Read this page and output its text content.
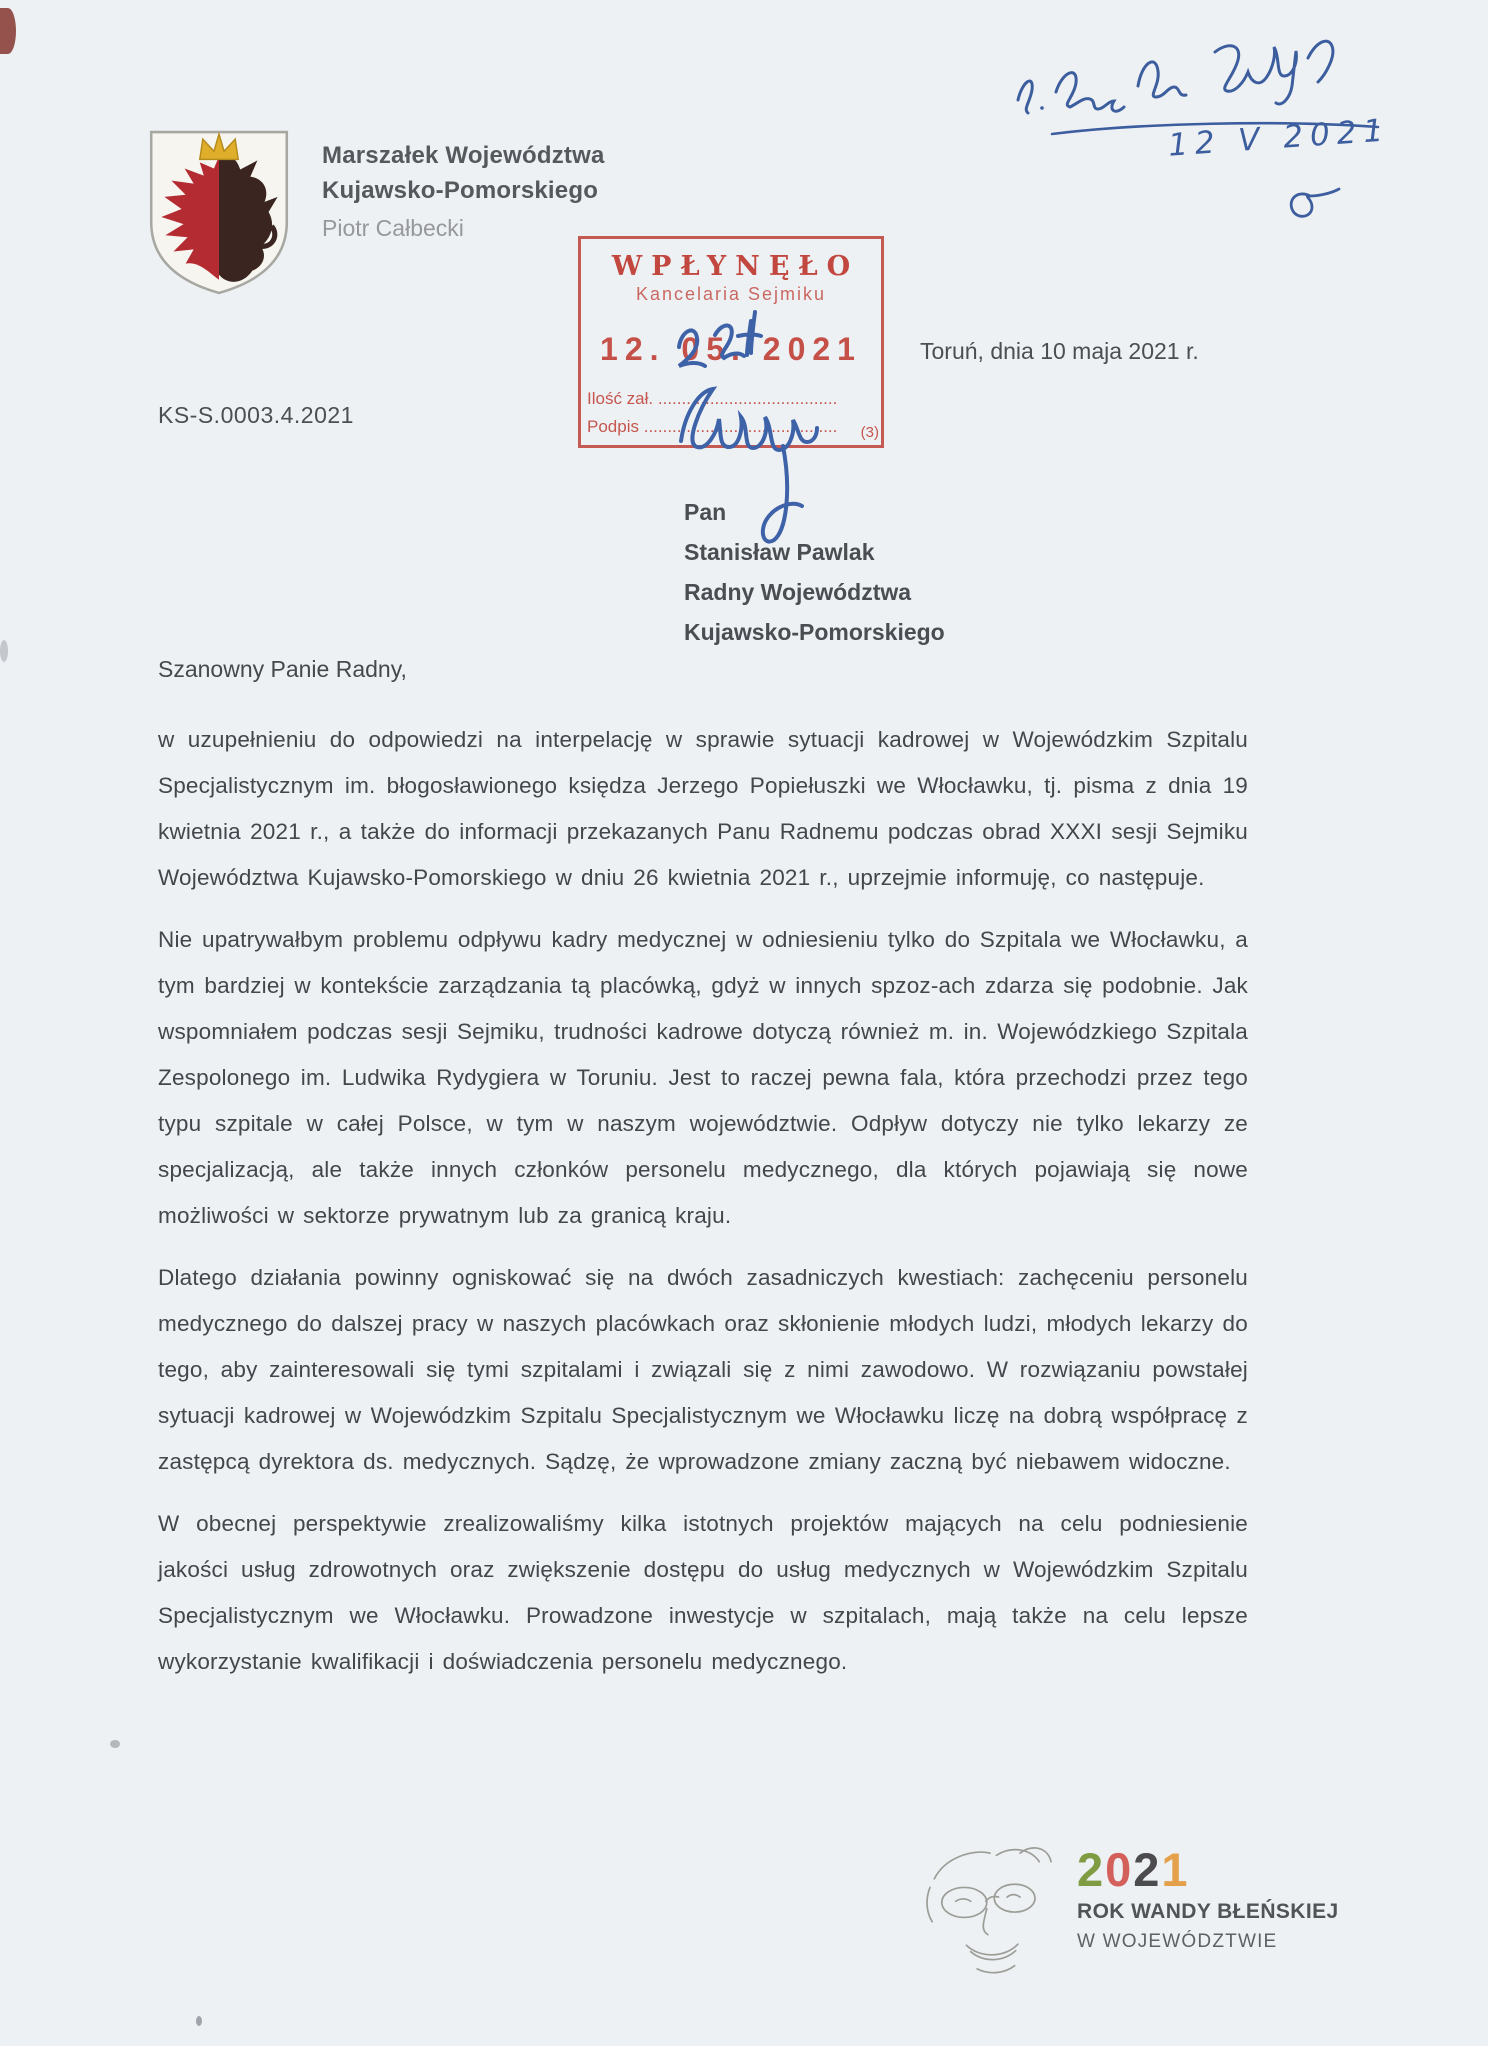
Marszałek Województwa
Kujawsko-Pomorskiego
Piotr Całbecki
12 V 2021
WPŁYNĘŁO
Kancelaria Sejmiku
12. 05. 2021
Ilość zał. ......................................
Podpis ......................................... (3)
Toruń, dnia 10 maja 2021 r.
KS-S.0003.4.2021
Pan
Stanisław Pawlak
Radny Województwa
Kujawsko-Pomorskiego

Szanowny Panie Radny,

w uzupełnieniu do odpowiedzi na interpelację w sprawie sytuacji kadrowej w Wojewódzkim Szpitalu Specjalistycznym im. błogosławionego księdza Jerzego Popiełuszki we Włocławku, tj. pisma z dnia 19 kwietnia 2021 r., a także do informacji przekazanych Panu Radnemu podczas obrad XXXI sesji Sejmiku Województwa Kujawsko-Pomorskiego w dniu 26 kwietnia 2021 r., uprzejmie informuję, co następuje.

Nie upatrywałbym problemu odpływu kadry medycznej w odniesieniu tylko do Szpitala we Włocławku, a tym bardziej w kontekście zarządzania tą placówką, gdyż w innych spzoz-ach zdarza się podobnie. Jak wspomniałem podczas sesji Sejmiku, trudności kadrowe dotyczą również m. in. Wojewódzkiego Szpitala Zespolonego im. Ludwika Rydygiera w Toruniu. Jest to raczej pewna fala, która przechodzi przez tego typu szpitale w całej Polsce, w tym w naszym województwie. Odpływ dotyczy nie tylko lekarzy ze specjalizacją, ale także innych członków personelu medycznego, dla których pojawiają się nowe możliwości w sektorze prywatnym lub za granicą kraju.

Dlatego działania powinny ogniskować się na dwóch zasadniczych kwestiach: zachęceniu personelu medycznego do dalszej pracy w naszych placówkach oraz skłonienie młodych ludzi, młodych lekarzy do tego, aby zainteresowali się tymi szpitalami i związali się z nimi zawodowo. W rozwiązaniu powstałej sytuacji kadrowej w Wojewódzkim Szpitalu Specjalistycznym we Włocławku liczę na dobrą współpracę z zastępcą dyrektora ds. medycznych. Sądzę, że wprowadzone zmiany zaczną być niebawem widoczne.

W obecnej perspektywie zrealizowaliśmy kilka istotnych projektów mających na celu podniesienie jakości usług zdrowotnych oraz zwiększenie dostępu do usług medycznych w Wojewódzkim Szpitalu Specjalistycznym we Włocławku. Prowadzone inwestycje w szpitalach, mają także na celu lepsze wykorzystanie kwalifikacji i doświadczenia personelu medycznego.

2021
ROK WANDY BŁEŃSKIEJ
W WOJEWÓDZTWIE
